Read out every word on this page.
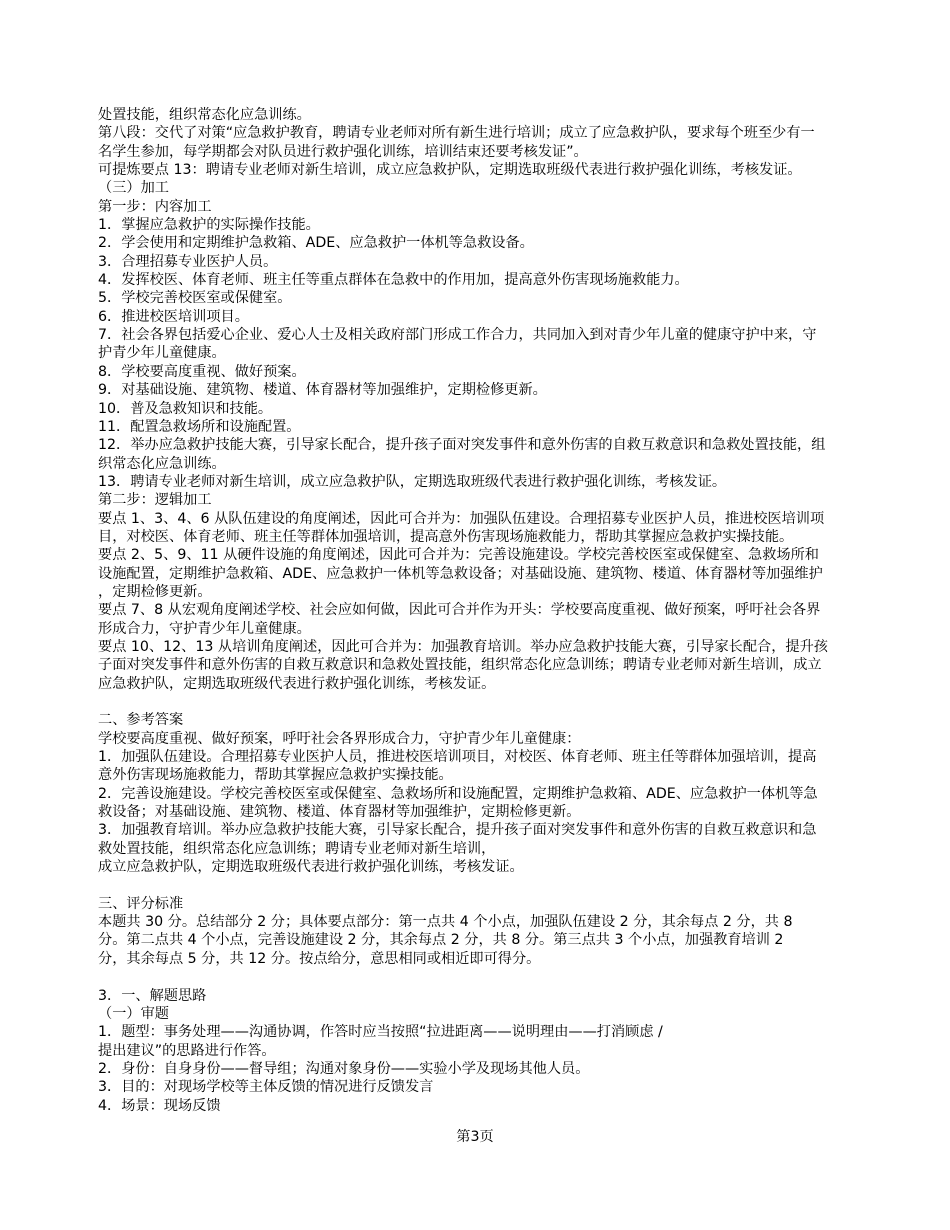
处置技能，组织常态化应急训练。
第八段：交代了对策“应急救护教育，聘请专业老师对所有新生进行培训；成立了应急救护队，要求每个班至少有一
名学生参加，每学期都会对队员进行救护强化训练，培训结束还要考核发证”。
可提炼要点 13：聘请专业老师对新生培训，成立应急救护队，定期选取班级代表进行救护强化训练，考核发证。
（三）加工
第一步：内容加工
1．掌握应急救护的实际操作技能。
2．学会使用和定期维护急救箱、ADE、应急救护一体机等急救设备。
3．合理招募专业医护人员。
4．发挥校医、体育老师、班主任等重点群体在急救中的作用加，提高意外伤害现场施救能力。
5．学校完善校医室或保健室。
6．推进校医培训项目。
7．社会各界包括爱心企业、爱心人士及相关政府部门形成工作合力，共同加入到对青少年儿童的健康守护中来，守
护青少年儿童健康。
8．学校要高度重视、做好预案。
9．对基础设施、建筑物、楼道、体育器材等加强维护，定期检修更新。
10．普及急救知识和技能。
11．配置急救场所和设施配置。
12．举办应急救护技能大赛，引导家长配合，提升孩子面对突发事件和意外伤害的自救互救意识和急救处置技能，组
织常态化应急训练。
13．聘请专业老师对新生培训，成立应急救护队，定期选取班级代表进行救护强化训练，考核发证。
第二步：逻辑加工
要点 1、3、4、6 从队伍建设的角度阐述，因此可合并为：加强队伍建设。合理招募专业医护人员，推进校医培训项
目，对校医、体育老师、班主任等群体加强培训，提高意外伤害现场施救能力，帮助其掌握应急救护实操技能。
要点 2、5、9、11 从硬件设施的角度阐述，因此可合并为：完善设施建设。学校完善校医室或保健室、急救场所和
设施配置，定期维护急救箱、ADE、应急救护一体机等急救设备；对基础设施、建筑物、楼道、体育器材等加强维护
，定期检修更新。
要点 7、8 从宏观角度阐述学校、社会应如何做，因此可合并作为开头：学校要高度重视、做好预案，呼吁社会各界
形成合力，守护青少年儿童健康。
要点 10、12、13 从培训角度阐述，因此可合并为：加强教育培训。举办应急救护技能大赛，引导家长配合，提升孩
子面对突发事件和意外伤害的自救互救意识和急救处置技能，组织常态化应急训练；聘请专业老师对新生培训，成立
应急救护队，定期选取班级代表进行救护强化训练，考核发证。
二、参考答案
学校要高度重视、做好预案，呼吁社会各界形成合力，守护青少年儿童健康：
1．加强队伍建设。合理招募专业医护人员，推进校医培训项目，对校医、体育老师、班主任等群体加强培训，提高
意外伤害现场施救能力，帮助其掌握应急救护实操技能。
2．完善设施建设。学校完善校医室或保健室、急救场所和设施配置，定期维护急救箱、ADE、应急救护一体机等急
救设备；对基础设施、建筑物、楼道、体育器材等加强维护，定期检修更新。
3．加强教育培训。举办应急救护技能大赛，引导家长配合，提升孩子面对突发事件和意外伤害的自救互救意识和急
救处置技能，组织常态化应急训练；聘请专业老师对新生培训，
成立应急救护队，定期选取班级代表进行救护强化训练，考核发证。
三、评分标准
本题共 30 分。总结部分 2 分；具体要点部分：第一点共 4 个小点，加强队伍建设 2 分，其余每点 2 分，共 8
分。第二点共 4 个小点，完善设施建设 2 分，其余每点 2 分，共 8 分。第三点共 3 个小点，加强教育培训 2
分，其余每点 5 分，共 12 分。按点给分，意思相同或相近即可得分。
3．一、解题思路
（一）审题
1．题型：事务处理——沟通协调，作答时应当按照“拉进距离——说明理由——打消顾虑 /
提出建议”的思路进行作答。
2．身份：自身身份——督导组；沟通对象身份——实验小学及现场其他人员。
3．目的：对现场学校等主体反馈的情况进行反馈发言
4．场景：现场反馈
第3页
